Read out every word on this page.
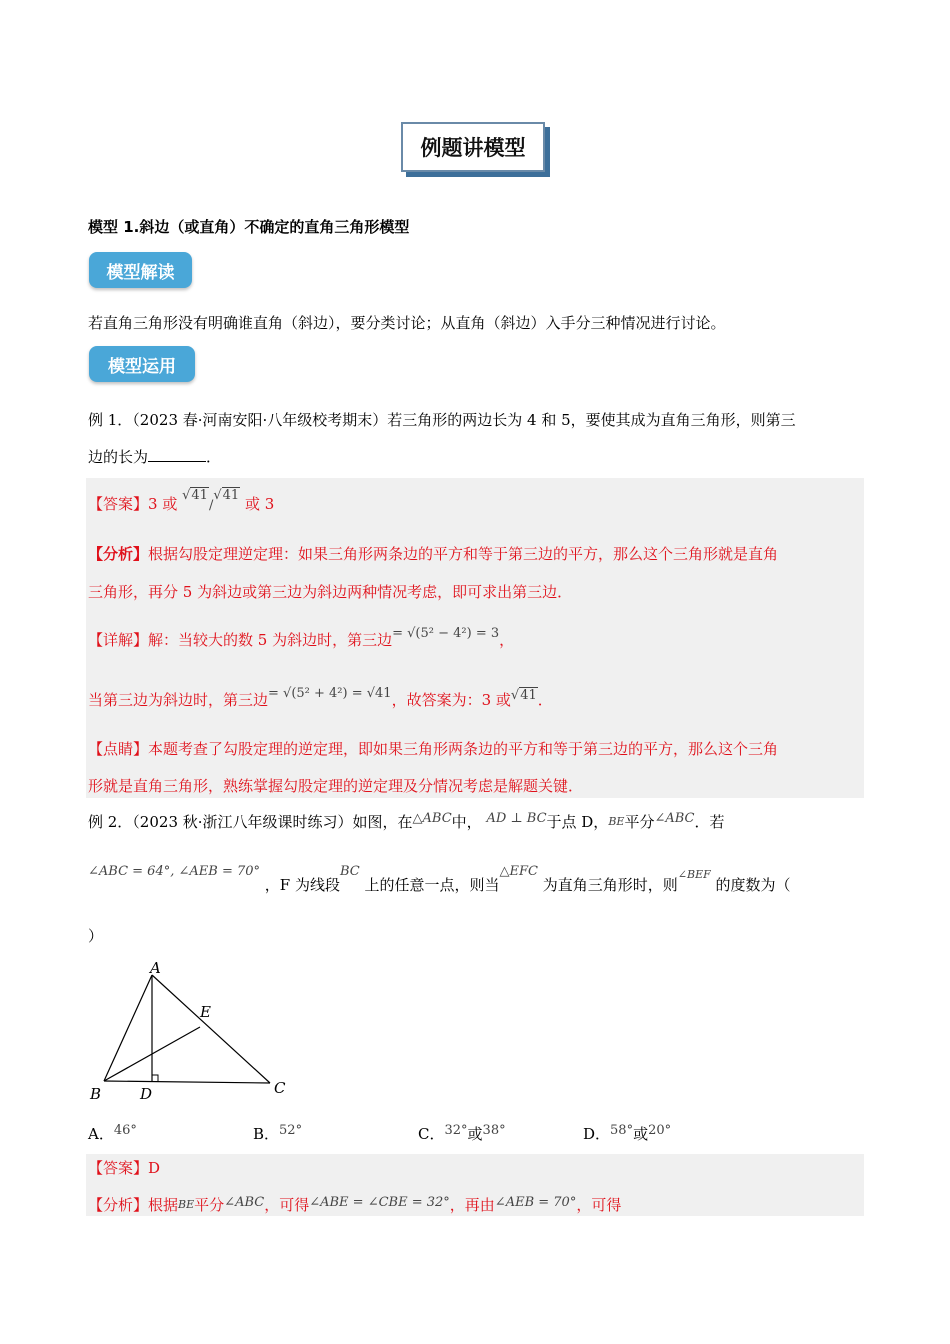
例题讲模型
模型 1.斜边（或直角）不确定的直角三角形模型
模型解读
若直角三角形没有明确谁直角（斜边），要分类讨论；从直角（斜边）入手分三种情况进行讨论。
模型运用
例 1．（2023 春·河南安阳·八年级校考期末）若三角形的两边长为 4 和 5，要使其成为直角三角形，则第三
边的长为	．
【答案】3 或 √41/√41 或 3
【分析】根据勾股定理逆定理：如果三角形两条边的平方和等于第三边的平方，那么这个三角形就是直角
三角形，再分 5 为斜边或第三边为斜边两种情况考虑，即可求出第三边．
【详解】解：当较大的数 5 为斜边时，第三边= √(5² − 4²) = 3，
当第三边为斜边时，第三边= √(5² + 4²) = √41，故答案为：3 或√41．
【点睛】本题考查了勾股定理的逆定理，即如果三角形两条边的平方和等于第三边的平方，那么这个三角
形就是直角三角形，熟练掌握勾股定理的逆定理及分情况考虑是解题关键．
例 2．（2023 秋·浙江八年级课时练习）如图，在△ABC中， AD ⊥ BC于点 D，BE平分∠ABC．若
∠ABC = 64°, ∠AEB = 70° ，F 为线段BC 上的任意一点，则当△EFC 为直角三角形时，则$^{\angle BEF}$ 的度数为（
）
A
B	C
D
E
A．46°	B．52°	C．32°或38°	D．58°或20°
【答案】D
【分析】根据BE平分∠ABC，可得∠ABE = ∠CBE = 32°，再由∠AEB = 70°，可得
